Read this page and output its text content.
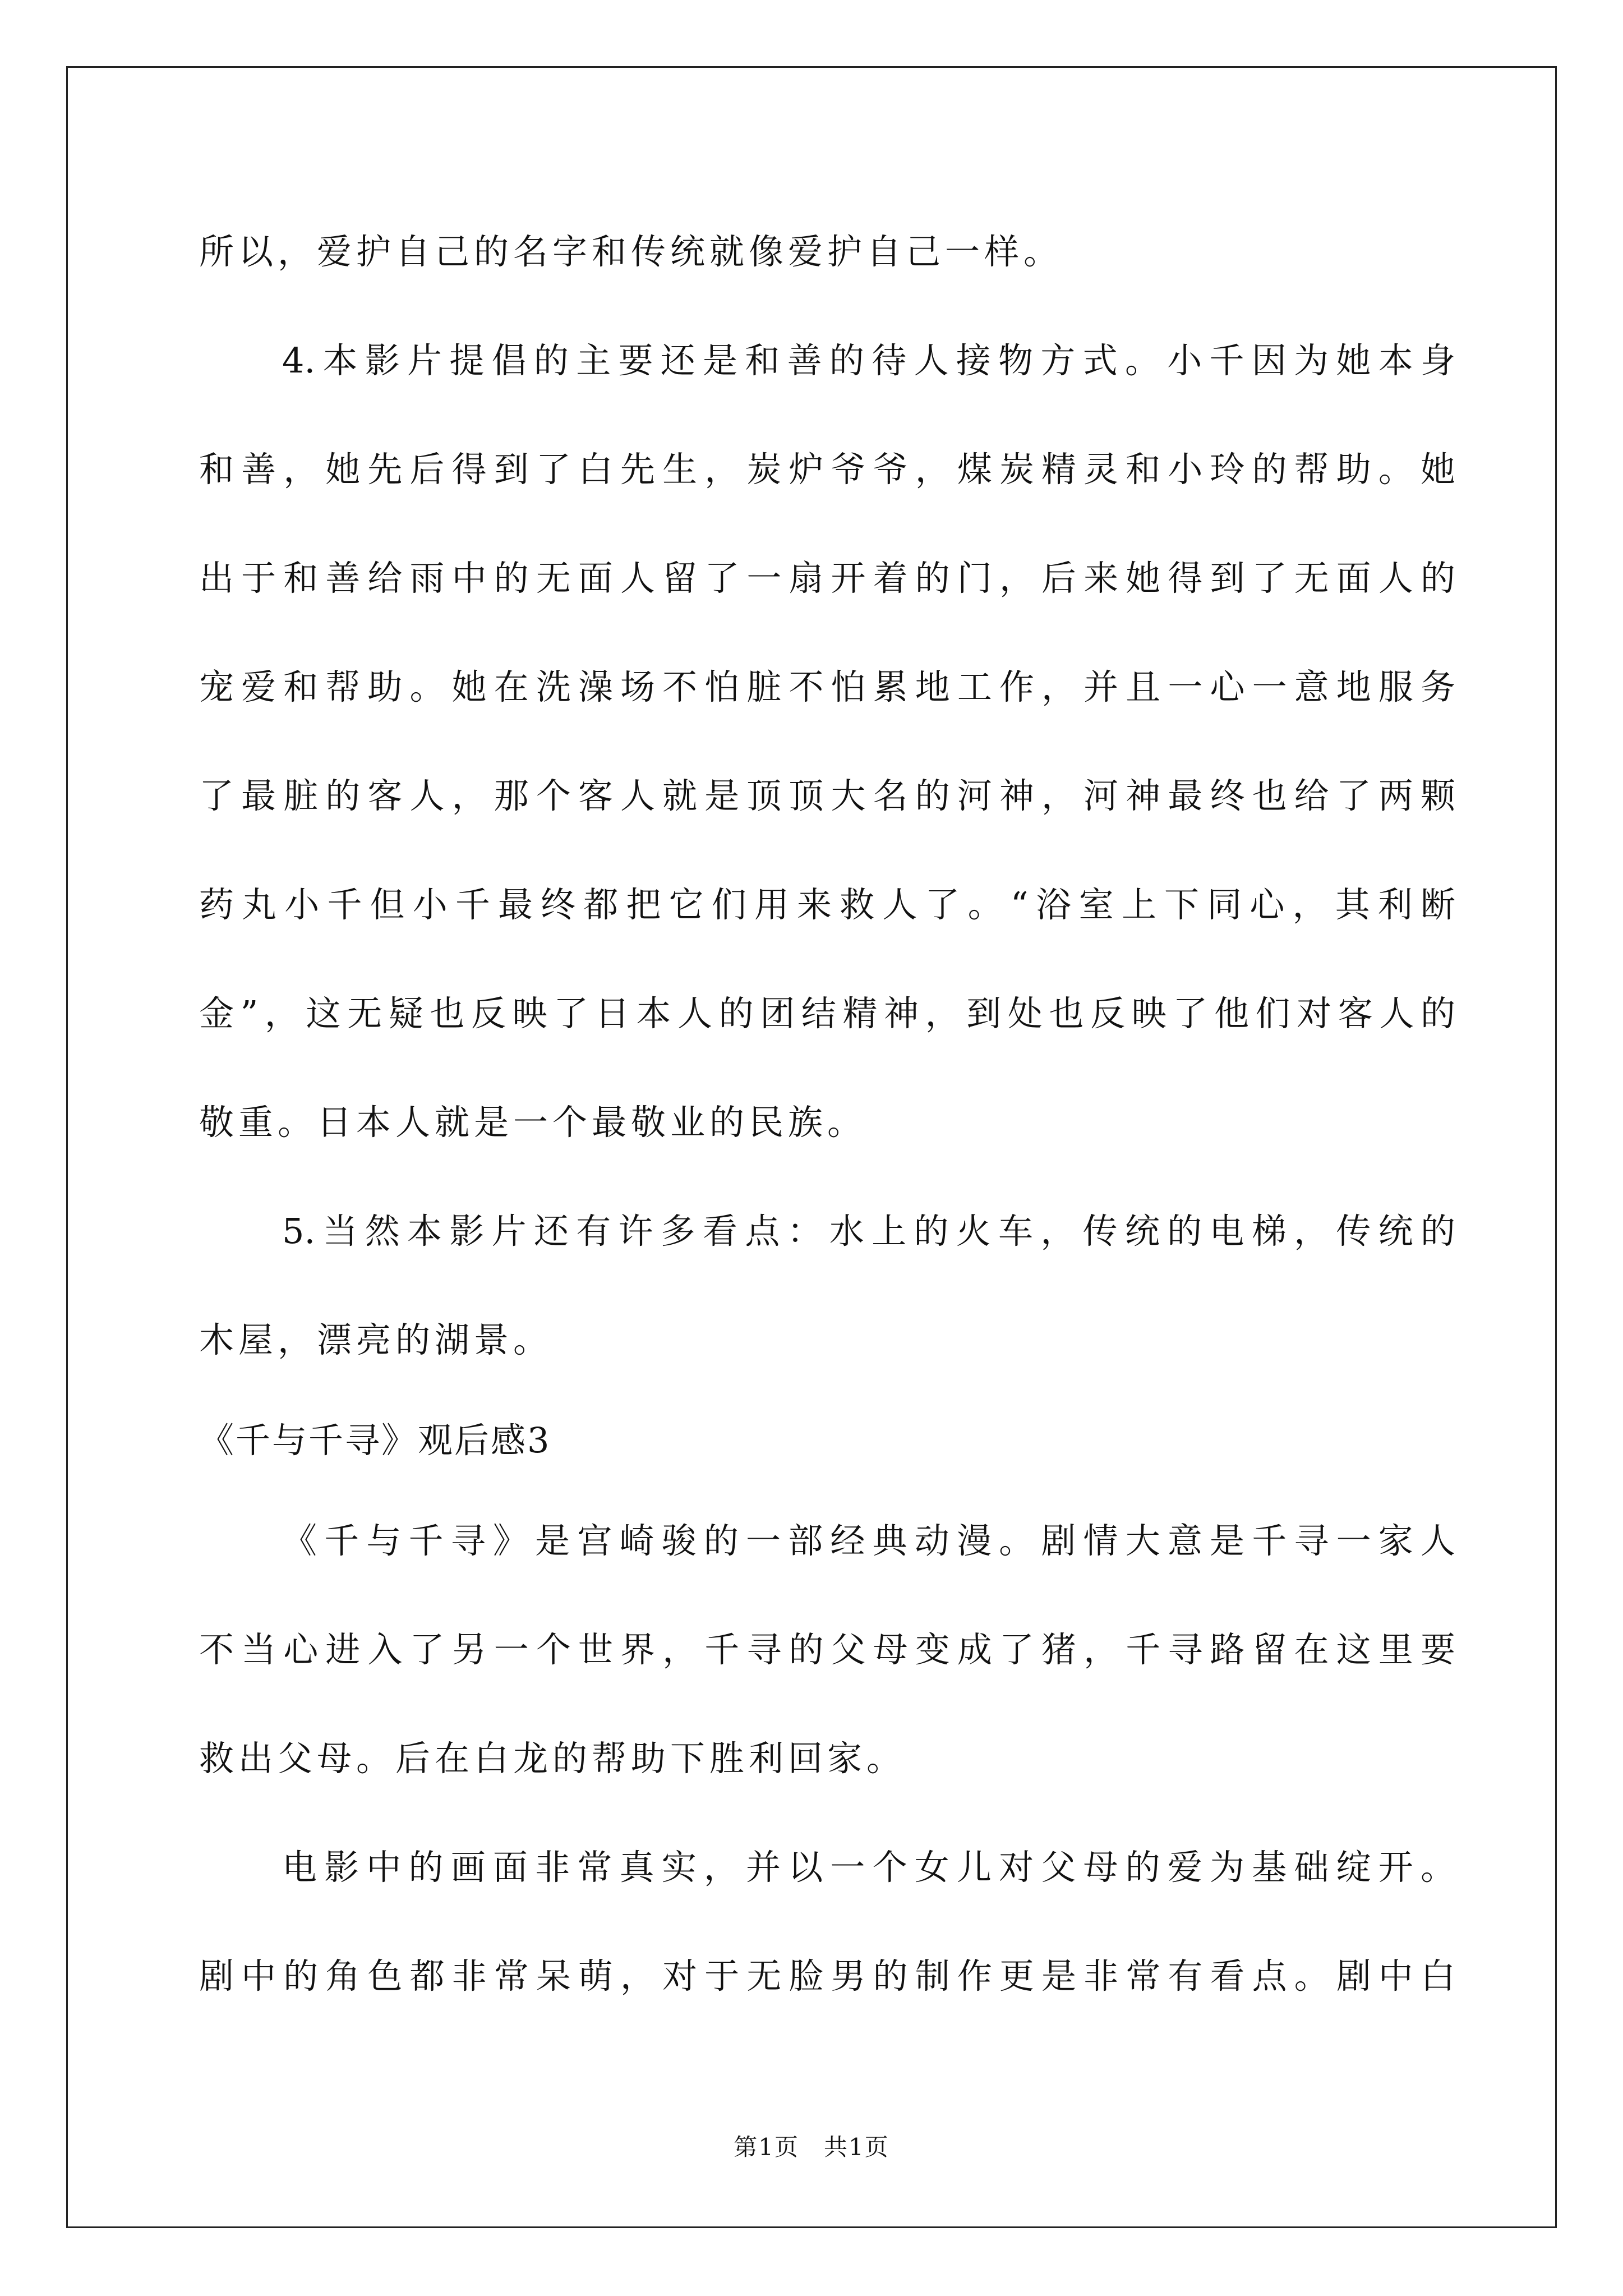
所以，爱护自己的名字和传统就像爱护自己一样。
4.本影片提倡的主要还是和善的待人接物方式。小千因为她本身
和善，她先后得到了白先生，炭炉爷爷，煤炭精灵和小玲的帮助。她
出于和善给雨中的无面人留了一扇开着的门，后来她得到了无面人的
宠爱和帮助。她在洗澡场不怕脏不怕累地工作，并且一心一意地服务
了最脏的客人，那个客人就是顶顶大名的河神，河神最终也给了两颗
药丸小千但小千最终都把它们用来救人了。“浴室上下同心，其利断
金”，这无疑也反映了日本人的团结精神，到处也反映了他们对客人的
敬重。日本人就是一个最敬业的民族。
5.当然本影片还有许多看点：水上的火车，传统的电梯，传统的
木屋，漂亮的湖景。
《千与千寻》观后感3
《千与千寻》是宫崎骏的一部经典动漫。剧情大意是千寻一家人
不当心进入了另一个世界，千寻的父母变成了猪，千寻路留在这里要
救出父母。后在白龙的帮助下胜利回家。
电影中的画面非常真实，并以一个女儿对父母的爱为基础绽开。
剧中的角色都非常呆萌，对于无脸男的制作更是非常有看点。剧中白
第1页　共1页
